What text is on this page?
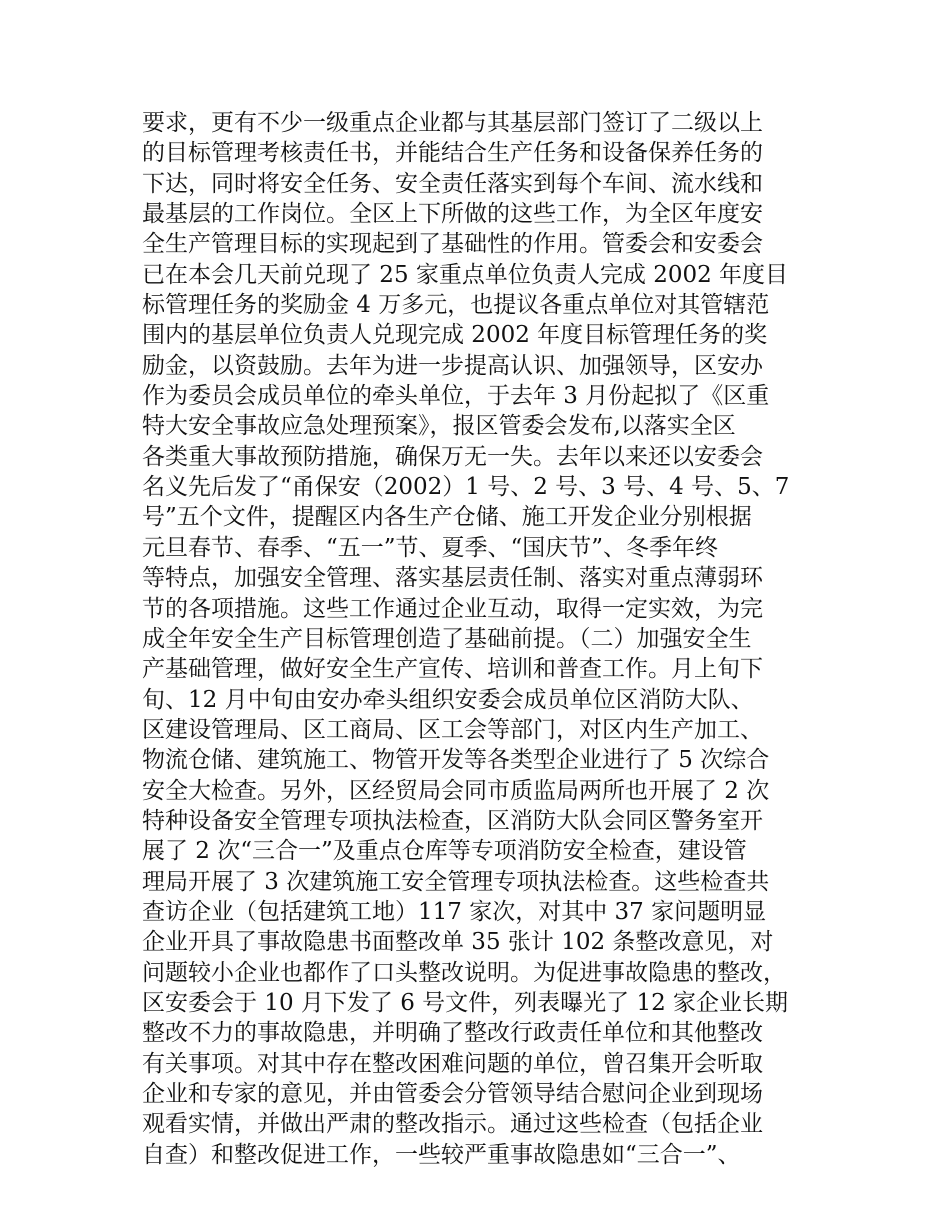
要求，更有不少一级重点企业都与其基层部门签订了二级以上
的目标管理考核责任书，并能结合生产任务和设备保养任务的
下达，同时将安全任务、安全责任落实到每个车间、流水线和
最基层的工作岗位。全区上下所做的这些工作，为全区年度安
全生产管理目标的实现起到了基础性的作用。管委会和安委会
已在本会几天前兑现了 25 家重点单位负责人完成 2002 年度目
标管理任务的奖励金 4 万多元，也提议各重点单位对其管辖范
围内的基层单位负责人兑现完成 2002 年度目标管理任务的奖
励金，以资鼓励。去年为进一步提高认识、加强领导，区安办
作为委员会成员单位的牵头单位，于去年 3 月份起拟了《区重
特大安全事故应急处理预案》，报区管委会发布,以落实全区
各类重大事故预防措施，确保万无一失。去年以来还以安委会
名义先后发了“甬保安（2002）1 号、2 号、3 号、4 号、5、7
号”五个文件，提醒区内各生产仓储、施工开发企业分别根据
元旦春节、春季、“五一”节、夏季、“国庆节”、冬季年终
等特点，加强安全管理、落实基层责任制、落实对重点薄弱环
节的各项措施。这些工作通过企业互动，取得一定实效，为完
成全年安全生产目标管理创造了基础前提。（二）加强安全生
产基础管理，做好安全生产宣传、培训和普查工作。月上旬下
旬、12 月中旬由安办牵头组织安委会成员单位区消防大队、
区建设管理局、区工商局、区工会等部门，对区内生产加工、
物流仓储、建筑施工、物管开发等各类型企业进行了 5 次综合
安全大检查。另外，区经贸局会同市质监局两所也开展了 2 次
特种设备安全管理专项执法检查，区消防大队会同区警务室开
展了 2 次“三合一”及重点仓库等专项消防安全检查，建设管
理局开展了 3 次建筑施工安全管理专项执法检查。这些检查共
查访企业（包括建筑工地）117 家次，对其中 37 家问题明显
企业开具了事故隐患书面整改单 35 张计 102 条整改意见，对
问题较小企业也都作了口头整改说明。为促进事故隐患的整改，
区安委会于 10 月下发了 6 号文件，列表曝光了 12 家企业长期
整改不力的事故隐患，并明确了整改行政责任单位和其他整改
有关事项。对其中存在整改困难问题的单位，曾召集开会听取
企业和专家的意见，并由管委会分管领导结合慰问企业到现场
观看实情，并做出严肃的整改指示。通过这些检查（包括企业
自查）和整改促进工作，一些较严重事故隐患如“三合一”、
